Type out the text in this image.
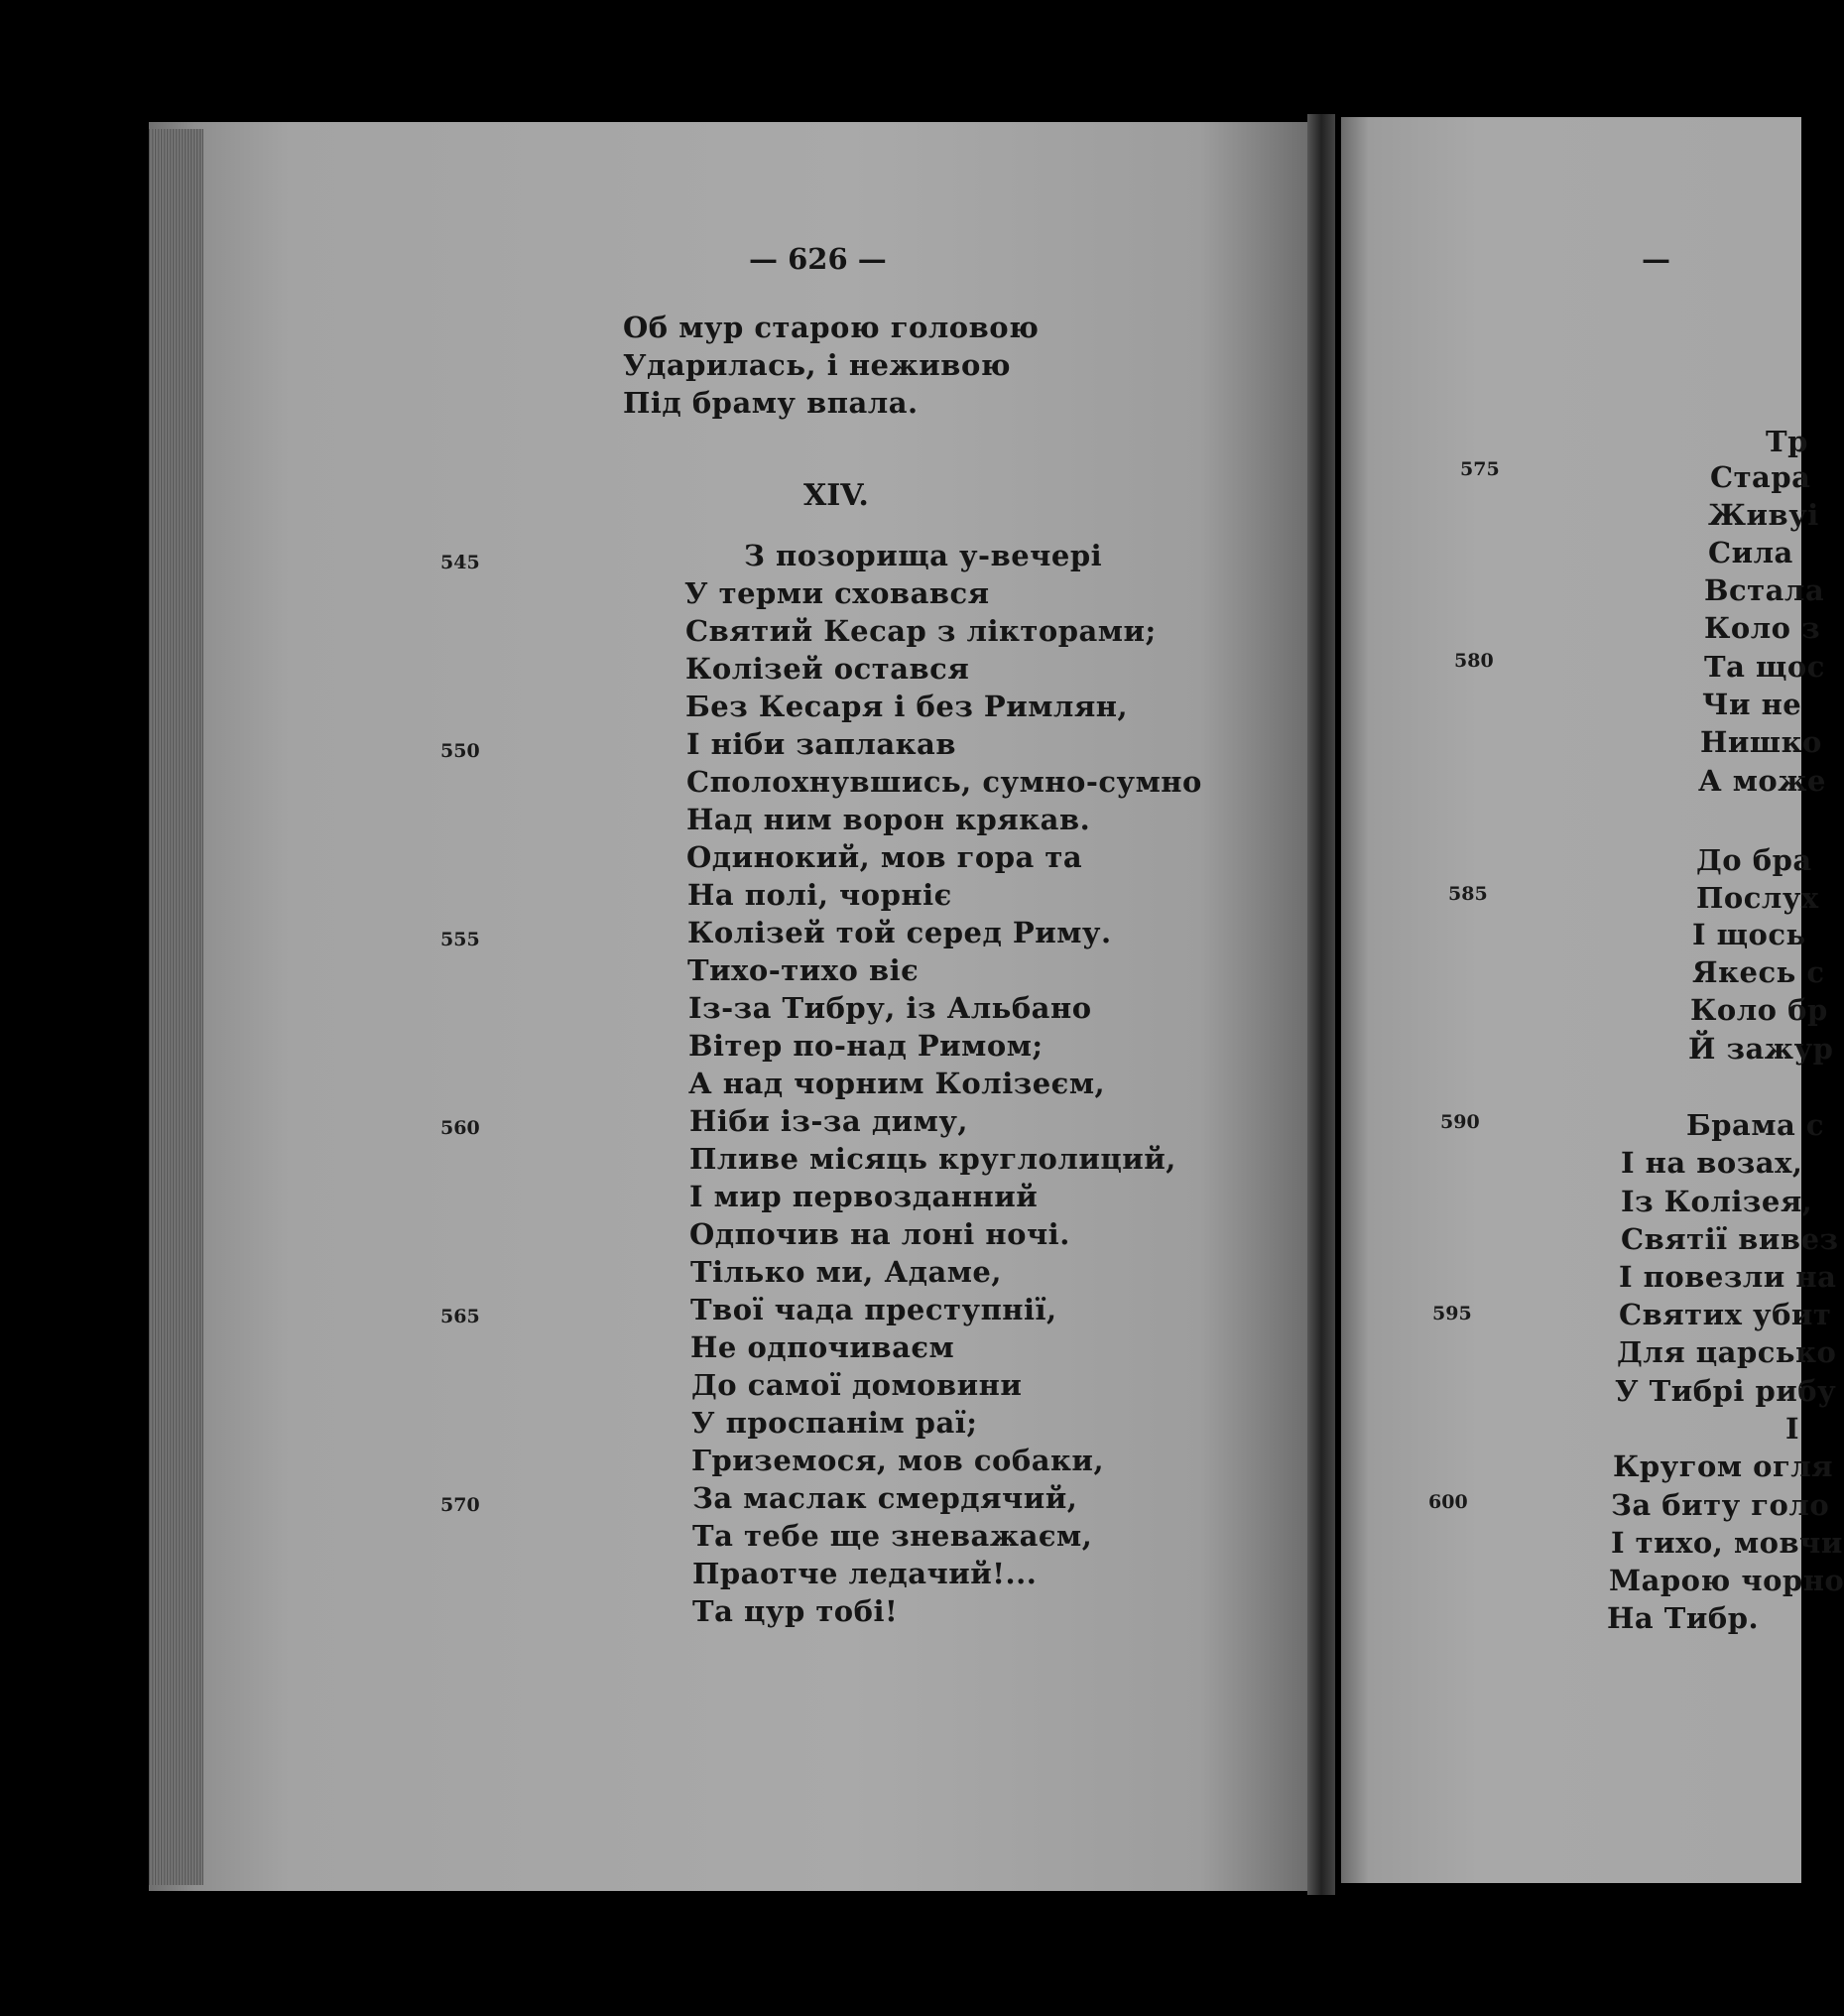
— 626 —	—
Об мур старою головою
Ударилась, і неживою
Під браму впала.
XIV.
З позорища у-вечері
У терми сховався
Святий Кесар з лікторами;
Колізей остався
Без Кесаря і без Римлян,
І ніби заплакав
Сполохнувшись, сумно-сумно
Над ним ворон крякав.
Одинокий, мов гора та
На полі, чорніє
Колізей той серед Риму.
Тихо-тихо віє
Із-за Тибру, із Альбано
Вітер по-над Римом;
А над чорним Колізеєм,
Ніби із-за диму,
Пливе місяць круглолиций,
І мир первозданний
Одпочив на лоні ночі.
Тілько ми, Адаме,
Твої чада преступнії,
Не одпочиваєм
До самої домовини
У проспанім раї;
Гриземося, мов собаки,
За маслак смердячий,
Та тебе ще зневажаєм,
Праотче ледачий!...
Та цур тобі!
545
550
555
560
565
570
Тр
Стара
Живуі
Сила
Встала
Коло з
Та щос
Чи не
Нишко
А може
До бра
Послух
І щось
Якесь с
Коло бр
Й зажур
Брама с
І на возах,
Із Колізея,
Святії вивез
І повезли на
Святих убит
Для царсько
У Тибрі рибу
І
Кругом огля
За биту голо
І тихо, мовчи
Марою чорно
На Тибр.
575
580
585
590
595
600
